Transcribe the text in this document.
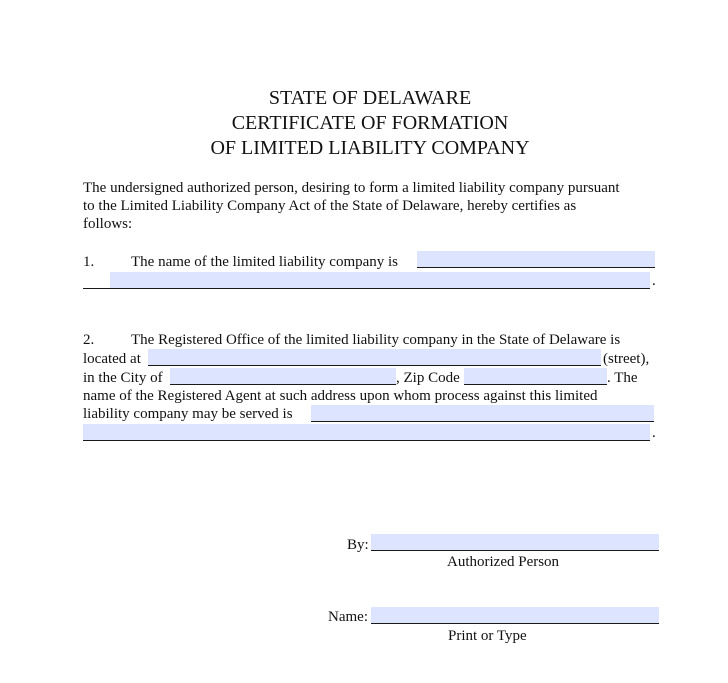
STATE OF DELAWARE
CERTIFICATE OF FORMATION
OF LIMITED LIABILITY COMPANY
The undersigned authorized person, desiring to form a limited liability company pursuant
to the Limited Liability Company Act of the State of Delaware, hereby certifies as
follows:
1. The name of the limited liability company is
.
2. The Registered Office of the limited liability company in the State of Delaware is
located at	(street),
in the City of	, Zip Code	. The
name of the Registered Agent at such address upon whom process against this limited
liability company may be served is
.
By:
Authorized Person
Name:
Print or Type
